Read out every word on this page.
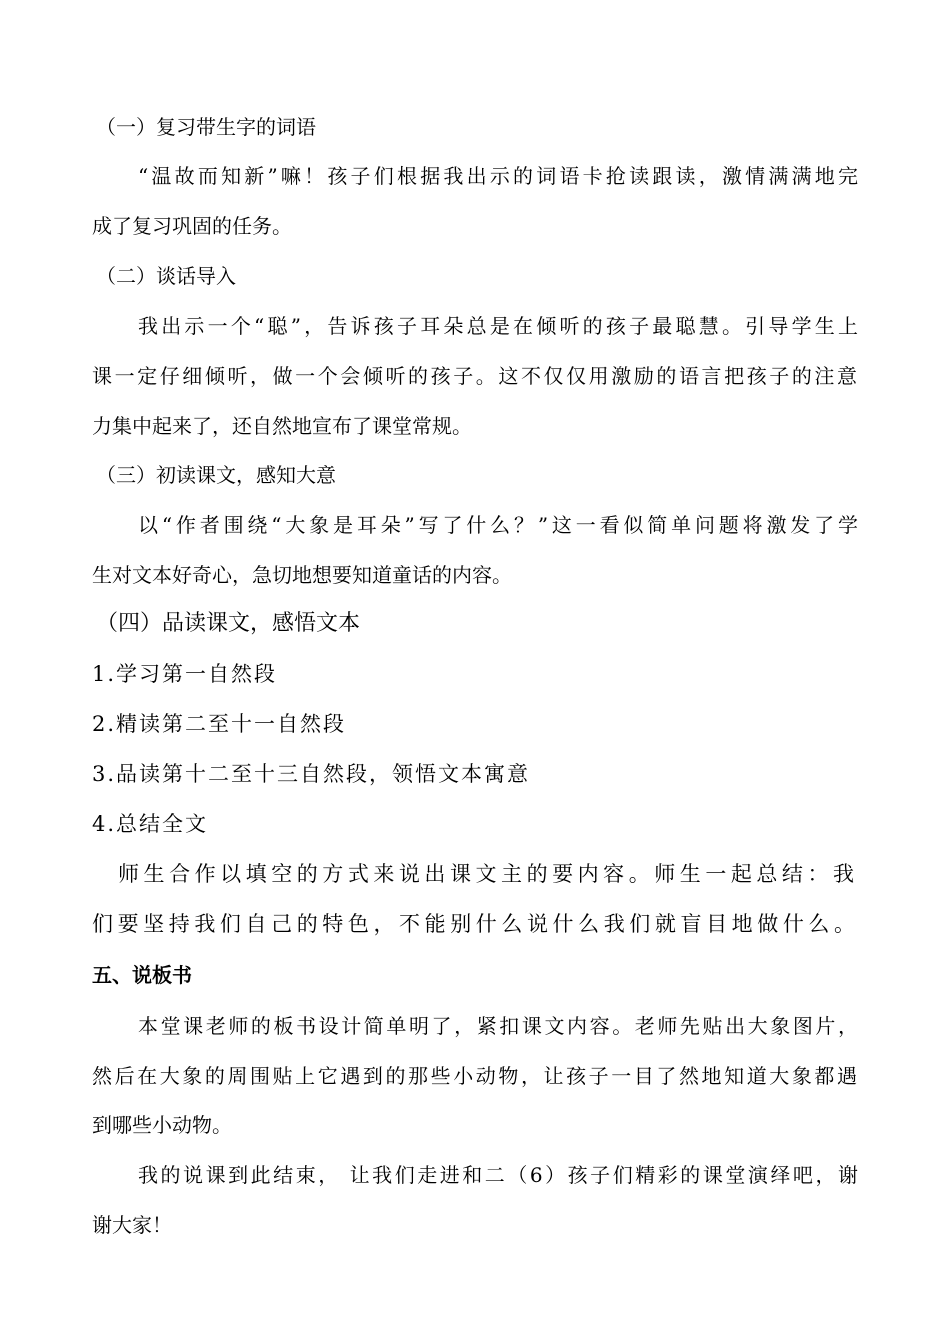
（一）复习带生字的词语
“温故而知新”嘛！孩子们根据我出示的词语卡抢读跟读，激情满满地完
成了复习巩固的任务。
（二）谈话导入
我出示一个“聪”，告诉孩子耳朵总是在倾听的孩子最聪慧。引导学生上
课一定仔细倾听，做一个会倾听的孩子。这不仅仅用激励的语言把孩子的注意
力集中起来了，还自然地宣布了课堂常规。
（三）初读课文，感知大意
以“作者围绕“大象是耳朵”写了什么？”这一看似简单问题将激发了学
生对文本好奇心，急切地想要知道童话的内容。
（四）品读课文，感悟文本
1.学习第一自然段
2.精读第二至十一自然段
3.品读第十二至十三自然段，领悟文本寓意
4.总结全文
师生合作以填空的方式来说出课文主的要内容。师生一起总结：我
们要坚持我们自己的特色，不能别什么说什么我们就盲目地做什么。
五、说板书
本堂课老师的板书设计简单明了，紧扣课文内容。老师先贴出大象图片，
然后在大象的周围贴上它遇到的那些小动物，让孩子一目了然地知道大象都遇
到哪些小动物。
我的说课到此结束， 让我们走进和二（6）孩子们精彩的课堂演绎吧，谢
谢大家！
